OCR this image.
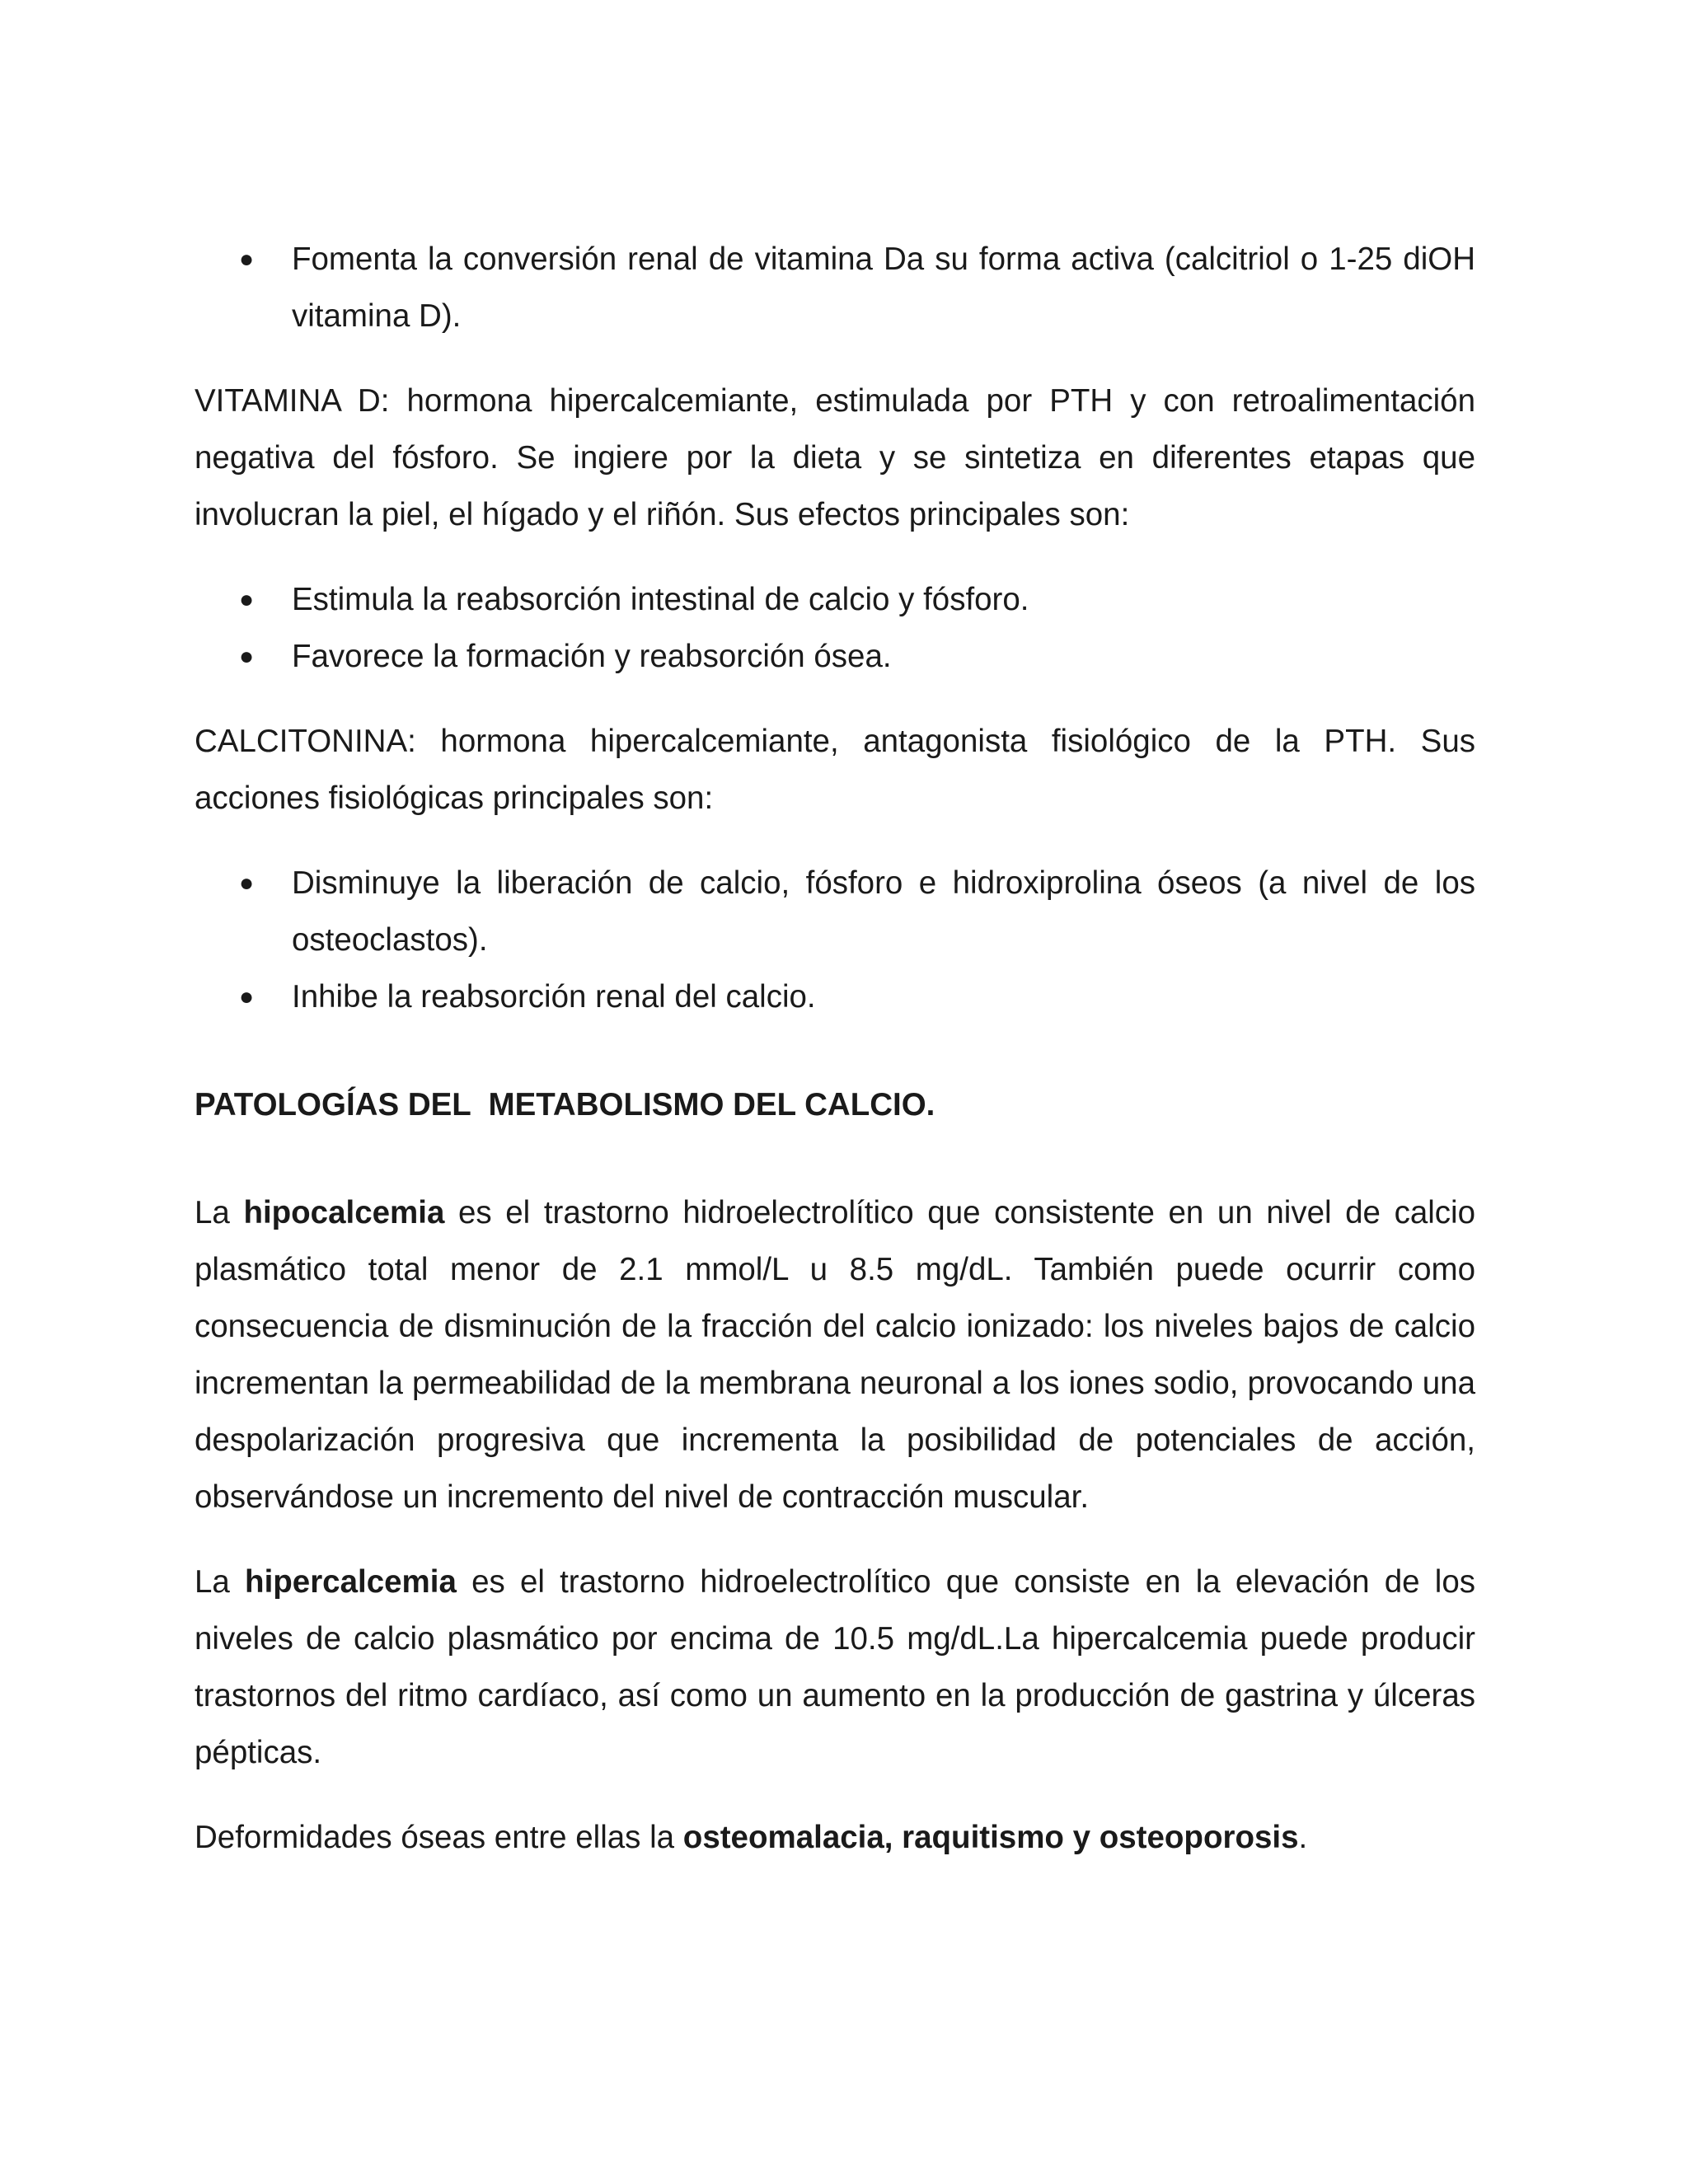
● Fomenta la conversión renal de vitamina Da su forma activa (calcitriol o 1-25 diOH vitamina D).

VITAMINA D: hormona hipercalcemiante, estimulada por PTH y con retroalimentación negativa del fósforo. Se ingiere por la dieta y se sintetiza en diferentes etapas que involucran la piel, el hígado y el riñón. Sus efectos principales son:

● Estimula la reabsorción intestinal de calcio y fósforo.
● Favorece la formación y reabsorción ósea.

CALCITONINA: hormona hipercalcemiante, antagonista fisiológico de la PTH. Sus acciones fisiológicas principales son:

● Disminuye la liberación de calcio, fósforo e hidroxiprolina óseos (a nivel de los osteoclastos).
● Inhibe la reabsorción renal del calcio.
PATOLOGÍAS DEL  METABOLISMO DEL CALCIO.

La hipocalcemia es el trastorno hidroelectrolítico que consistente en un nivel de calcio plasmático total menor de 2.1 mmol/L u 8.5 mg/dL. También puede ocurrir como consecuencia de disminución de la fracción del calcio ionizado: los niveles bajos de calcio incrementan la permeabilidad de la membrana neuronal a los iones sodio, provocando una despolarización progresiva que incrementa la posibilidad de potenciales de acción, observándose un incremento del nivel de contracción muscular.

La hipercalcemia es el trastorno hidroelectrolítico que consiste en la elevación de los niveles de calcio plasmático por encima de 10.5 mg/dL.La hipercalcemia puede producir trastornos del ritmo cardíaco, así como un aumento en la producción de gastrina y úlceras pépticas.

Deformidades óseas entre ellas la osteomalacia, raquitismo y osteoporosis.
